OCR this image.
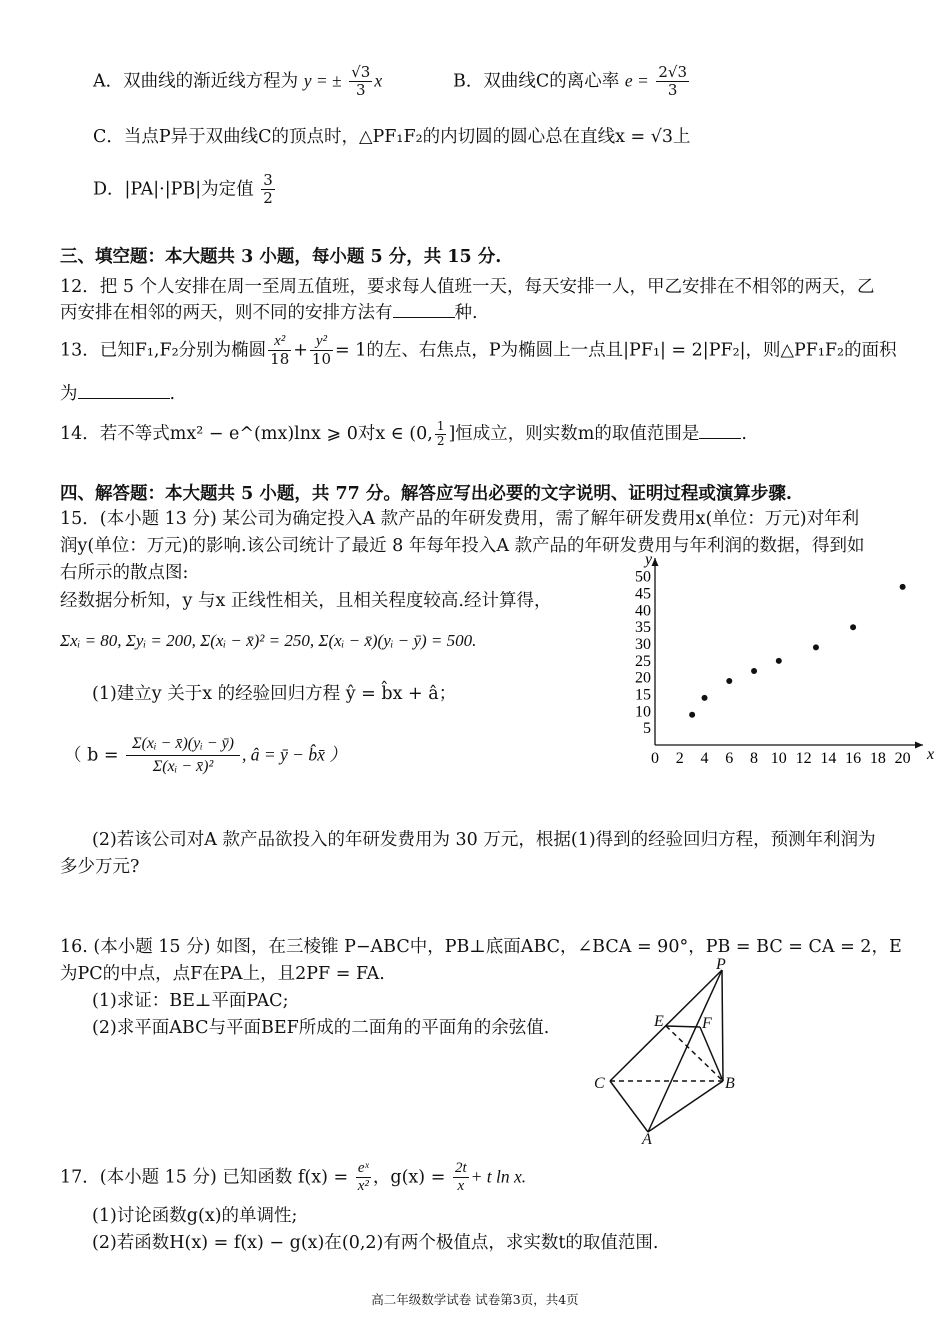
A．双曲线的渐近线方程为 y = ± $\frac{√3}{3}$ x	B．双曲线C的离心率 $e = \frac{2√3}{3}$
C．当点P异于双曲线C的顶点时，△PF₁F₂的内切圆的圆心总在直线x = √3上
D．|PA|·|PB|为定值 $\frac{3}{2}$
三、填空题：本大题共 3 小题，每小题 5 分，共 15 分.
12．把 5 个人安排在周一至周五值班，要求每人值班一天，每天安排一人，甲乙安排在不相邻的两天，乙
丙安排在相邻的两天，则不同的安排方法有	种.
13．已知F₁,F₂分别为椭圆 $\frac{\text{x²}}{18} + \frac{\text{y²}}{10} = 1$的左、右焦点，P为椭圆上一点且|PF₁| = 2|PF₂|，则△PF₁F₂的面积
为	.
14．若不等式mx² − e^(mx)lnx ⩾ 0对x ∈ (0, $\frac{1}{2}$ ]恒成立，则实数m的取值范围是 .
四、解答题：本大题共 5 小题，共 77 分。解答应写出必要的文字说明、证明过程或演算步骤.
15．(本小题 13 分) 某公司为确定投入A 款产品的年研发费用，需了解年研发费用x(单位：万元)对年利
润y(单位：万元)的影响.该公司统计了最近 8 年每年投入A 款产品的年研发费用与年利润的数据，得到如
右所示的散点图:
经数据分析知，y 与x 正线性相关，且相关程度较高.经计算得，
Σxᵢ = 80, Σyᵢ = 200, Σ(xᵢ − x̄)² = 250, Σ(xᵢ − x̄)(yᵢ − ȳ) = 500.
(1)建立y 关于x 的经验回归方程 ŷ = b̂x + â；
（ $b = \frac{\text{Σ(xᵢ − x̄)(yᵢ − ȳ)}}{\text{Σ(xᵢ − x̄)²}}$ , â = ȳ − b̂x̄ ）
(2)若该公司对A 款产品欲投入的年研发费用为 30 万元，根据(1)得到的经验回归方程，预测年利润为
多少万元?
x
y
0 2 4 6 8 10 12 14 16 18 20
5
10
15
20
25
30
35
40
45
50
16. (本小题 15 分) 如图，在三棱锥 P−ABC中，PB⊥底面ABC，∠BCA = 90°，PB = BC = CA = 2，E
为PC的中点，点F在PA上，且2PF = FA.
(1)求证：BE⊥平面PAC;
(2)求平面ABC与平面BEF所成的二面角的平面角的余弦值.
P
E F
C	B
A
17．(本小题 15 分) 已知函数 $f(x) = \frac{\text{eˣ}}{\text{x²}}$ ，$g(x) = \frac{2t}{x} + t$ ln x.
(1)讨论函数g(x)的单调性;
(2)若函数H(x) = f(x) − g(x)在(0,2)有两个极值点，求实数t的取值范围.
高二年级数学试卷 试卷第3页，共4页
